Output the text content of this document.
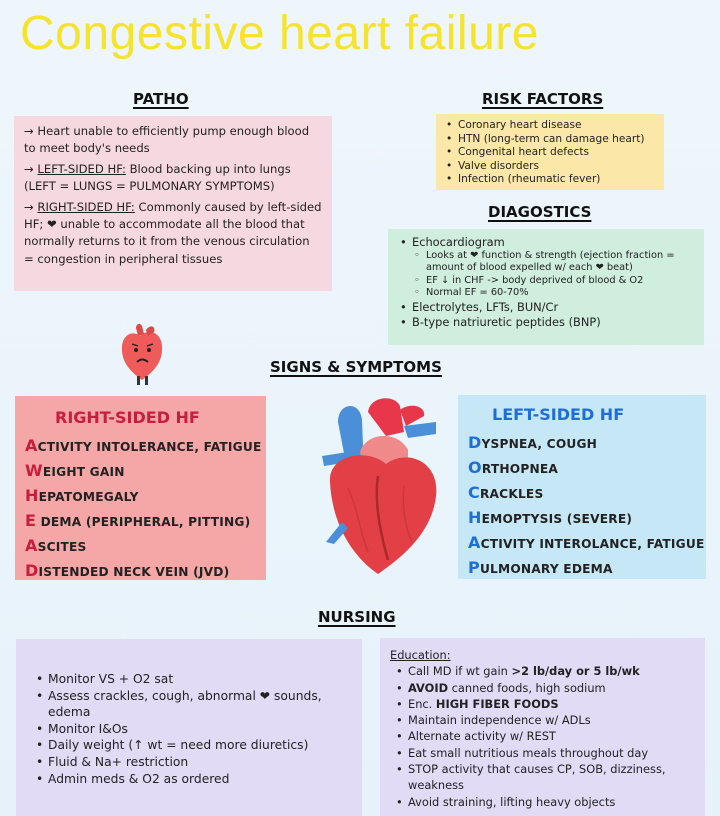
Congestive heart failure
PATHO

→ Heart unable to efficiently pump enough blood to meet body's needs

→ LEFT-SIDED HF: Blood backing up into lungs (LEFT = LUNGS = PULMONARY SYMPTOMS)

→ RIGHT-SIDED HF: Commonly caused by left-sided HF; ❤ unable to accommodate all the blood that normally returns to it from the venous circulation = congestion in peripheral tissues

RISK FACTORS
• Coronary heart disease
• HTN (long-term can damage heart)
• Congenital heart defects
• Valve disorders
• Infection (rheumatic fever)
DIAGOSTICS
• Echocardiogram
◦ Looks at ❤ function & strength (ejection fraction = amount of blood expelled w/ each ❤ beat)
◦ EF ↓ in CHF -> body deprived of blood & O2
◦ Normal EF = 60-70%
• Electrolytes, LFTs, BUN/Cr
• B-type natriuretic peptides (BNP)
SIGNS & SYMPTOMS
RIGHT-SIDED HF
ACTIVITY INTOLERANCE, FATIGUE
WEIGHT GAIN
HEPATOMEGALY
E DEMA (PERIPHERAL, PITTING)
ASCITES
DISTENDED NECK VEIN (JVD)
LEFT-SIDED HF
DYSPNEA, COUGH
ORTHOPNEA
CRACKLES
HEMOPTYSIS (SEVERE)
ACTIVITY INTEROLANCE, FATIGUE
PULMONARY EDEMA
NURSING
• Monitor VS + O2 sat
• Assess crackles, cough, abnormal ❤ sounds, edema
• Monitor I&Os
• Daily weight (↑ wt = need more diuretics)
• Fluid & Na+ restriction
• Admin meds & O2 as ordered
Education:
• Call MD if wt gain >2 lb/day or 5 lb/wk
• AVOID canned foods, high sodium
• Enc. HIGH FIBER FOODS
• Maintain independence w/ ADLs
• Alternate activity w/ REST
• Eat small nutritious meals throughout day
• STOP activity that causes CP, SOB, dizziness, weakness
• Avoid straining, lifting heavy objects
